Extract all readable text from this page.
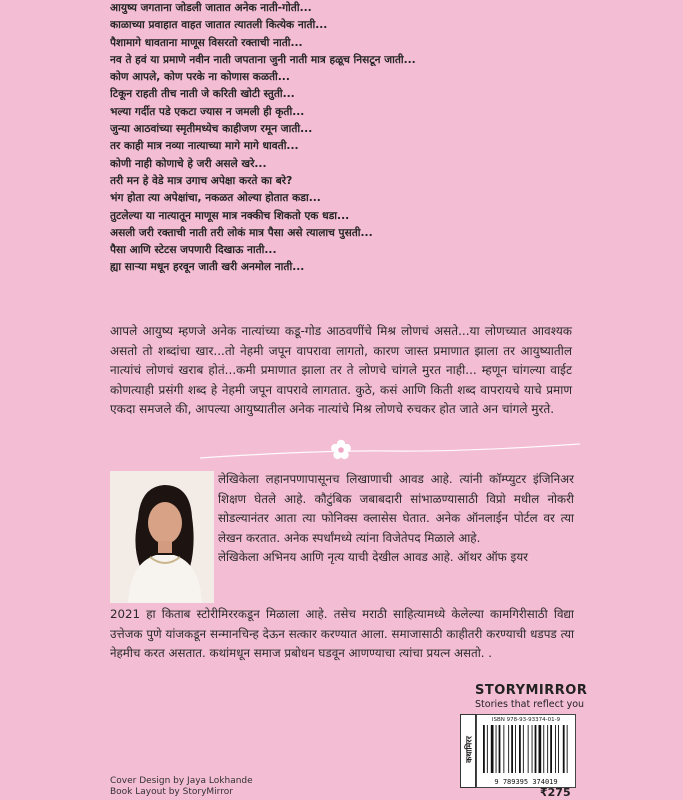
आयुष्य जगताना जोडली जातात अनेक नाती-गोती...
काळाच्या प्रवाहात वाहत जातात त्यातली कित्येक नाती...
पैशामागे धावताना माणूस विसरतो रक्ताची नाती...
नव ते हवं या प्रमाणे नवीन नाती जपताना जुनी नाती मात्र हळूच निसटून जाती...
कोण आपले, कोण परके ना कोणास कळती...
टिकून राहती तीच नाती जे करिती खोटी स्तुती...
भल्या गर्दीत पडे एकटा ज्यास न जमली ही कृती...
जुन्या आठवांच्या स्मृतीमध्येच काहीजण रमून जाती...
तर काही मात्र नव्या नात्याच्या मागे मागे धावती...
कोणी नाही कोणाचे हे जरी असले खरे...
तरी मन हे वेडे मात्र उगाच अपेक्षा करते का बरे?
भंग होता त्या अपेक्षांचा, नकळत ओल्या होतात कडा...
तुटलेल्या या नात्यातून माणूस मात्र नक्कीच शिकतो एक धडा...
असली जरी रक्ताची नाती तरी लोकं मात्र पैसा असे त्यालाच पुसती...
पैसा आणि स्टेटस जपणारी दिखाऊ नाती...
ह्या साऱ्या मधून हरवून जाती खरी अनमोल नाती...
आपले आयुष्य म्हणजे अनेक नात्यांच्या कडू-गोड आठवणींचे मिश्र लोणचं असते...या लोणच्यात आवश्यक असतो तो शब्दांचा खार...तो नेहमी जपून वापरावा लागतो, कारण जास्त प्रमाणात झाला तर आयुष्यातील नात्यांचं लोणचं खराब होतं...कमी प्रमाणात झाला तर ते लोणचे चांगले मुरत नाही... म्हणून चांगल्या वाईट कोणत्याही प्रसंगी शब्द हे नेहमी जपून वापरावे लागतात. कुठे, कसं आणि किती शब्द वापरायचे याचे प्रमाण एकदा समजले की, आपल्या आयुष्यातील अनेक नात्यांचे मिश्र लोणचे रुचकर होत जाते अन चांगले मुरते.

लेखिकेला लहानपणापासूनच लिखाणाची आवड आहे. त्यांनी कॉम्प्युटर इंजिनिअर शिक्षण घेतले आहे. कौटुंबिक जबाबदारी सांभाळण्यासाठी विप्रो मधील नोकरी सोडल्यानंतर आता त्या फोनिक्स क्लासेस घेतात. अनेक ऑनलाईन पोर्टल वर त्या लेखन करतात. अनेक स्पर्धांमध्ये त्यांना विजेतेपद मिळाले आहे.

लेखिकेला अभिनय आणि नृत्य याची देखील आवड आहे. ऑथर ऑफ इयर

2021 हा किताब स्टोरीमिररकडून मिळाला आहे. तसेच मराठी साहित्यामध्ये केलेल्या कामगिरीसाठी विद्या उत्तेजक पुणे यांजकडून सन्मानचिन्ह देऊन सत्कार करण्यात आला. समाजासाठी काहीतरी करण्याची धडपड त्या नेहमीच करत असतात. कथांमधून समाज प्रबोधन घडवून आणण्याचा त्यांचा प्रयत्न असतो. .
STORYMIRROR
Stories that reflect you
कथामिरर
ISBN 978-93-93374-01-9
9 789395 374019
₹275
Cover Design by Jaya Lokhande
Book Layout by StoryMirror
